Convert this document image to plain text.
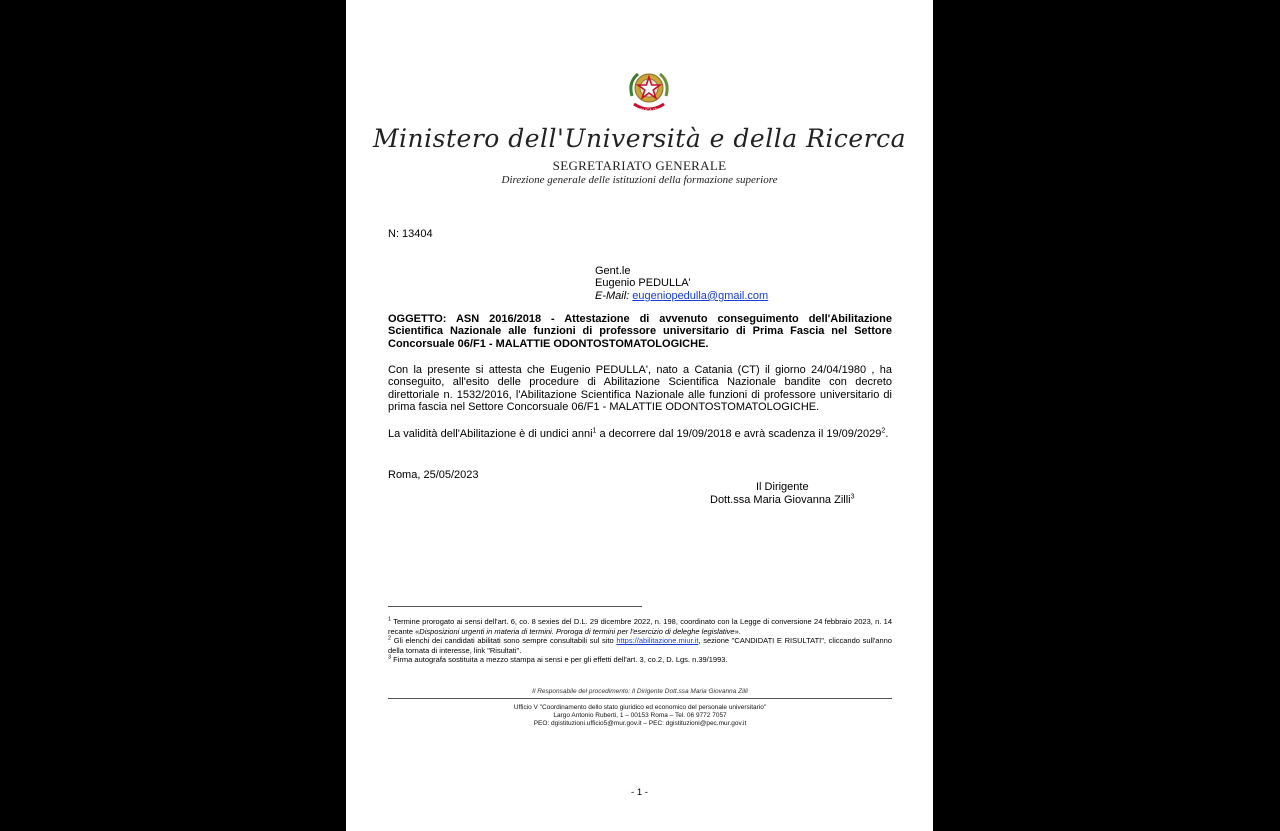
REPVBBLICA ITALIANA
Ministero dell'Università e della Ricerca
SEGRETARIATO GENERALE
Direzione generale delle istituzioni della formazione superiore
N: 13404
Gent.le
Eugenio PEDULLA'
E-Mail: eugeniopedulla@gmail.com
OGGETTO: ASN 2016/2018 - Attestazione di avvenuto conseguimento dell'Abilitazione Scientifica Nazionale alle funzioni di professore universitario di Prima Fascia nel Settore Concorsuale 06/F1 - MALATTIE ODONTOSTOMATOLOGICHE.
Con la presente si attesta che Eugenio PEDULLA', nato a Catania (CT) il giorno 24/04/1980 , ha conseguito, all'esito delle procedure di Abilitazione Scientifica Nazionale bandite con decreto direttoriale n. 1532/2016, l'Abilitazione Scientifica Nazionale alle funzioni di professore universitario di prima fascia nel Settore Concorsuale 06/F1 - MALATTIE ODONTOSTOMATOLOGICHE.
La validità dell'Abilitazione è di undici anni$^1$ a decorrere dal 19/09/2018 e avrà scadenza il 19/09/2029$^2$.
Roma, 25/05/2023
Il Dirigente
Dott.ssa Maria Giovanna Zilli$^3$
$^1$ Termine prorogato ai sensi dell'art. 6, co. 8 sexies del D.L. 29 dicembre 2022, n. 198, coordinato con la Legge di conversione 24 febbraio 2023, n. 14 recante «Disposizioni urgenti in materia di termini. Proroga di termini per l'esercizio di deleghe legislative».
$^2$ Gli elenchi dei candidati abilitati sono sempre consultabili sul sito https://abilitazione.miur.it, sezione "CANDIDATI E RISULTATI", cliccando sull'anno della tornata di interesse, link "Risultati".
$^3$ Firma autografa sostituita a mezzo stampa ai sensi e per gli effetti dell'art. 3, co.2, D. Lgs. n.39/1993.
Il Responsabile del procedimento: Il Dirigente Dott.ssa Maria Giovanna Zilli
Ufficio V "Coordinamento dello stato giuridico ed economico del personale universitario"
Largo Antonio Ruberti, 1 – 00153 Roma – Tel. 06 9772 7057
PEO: dgistituzioni.ufficio5@mur.gov.it – PEC: dgistituzioni@pec.mur.gov.it
- 1 -
